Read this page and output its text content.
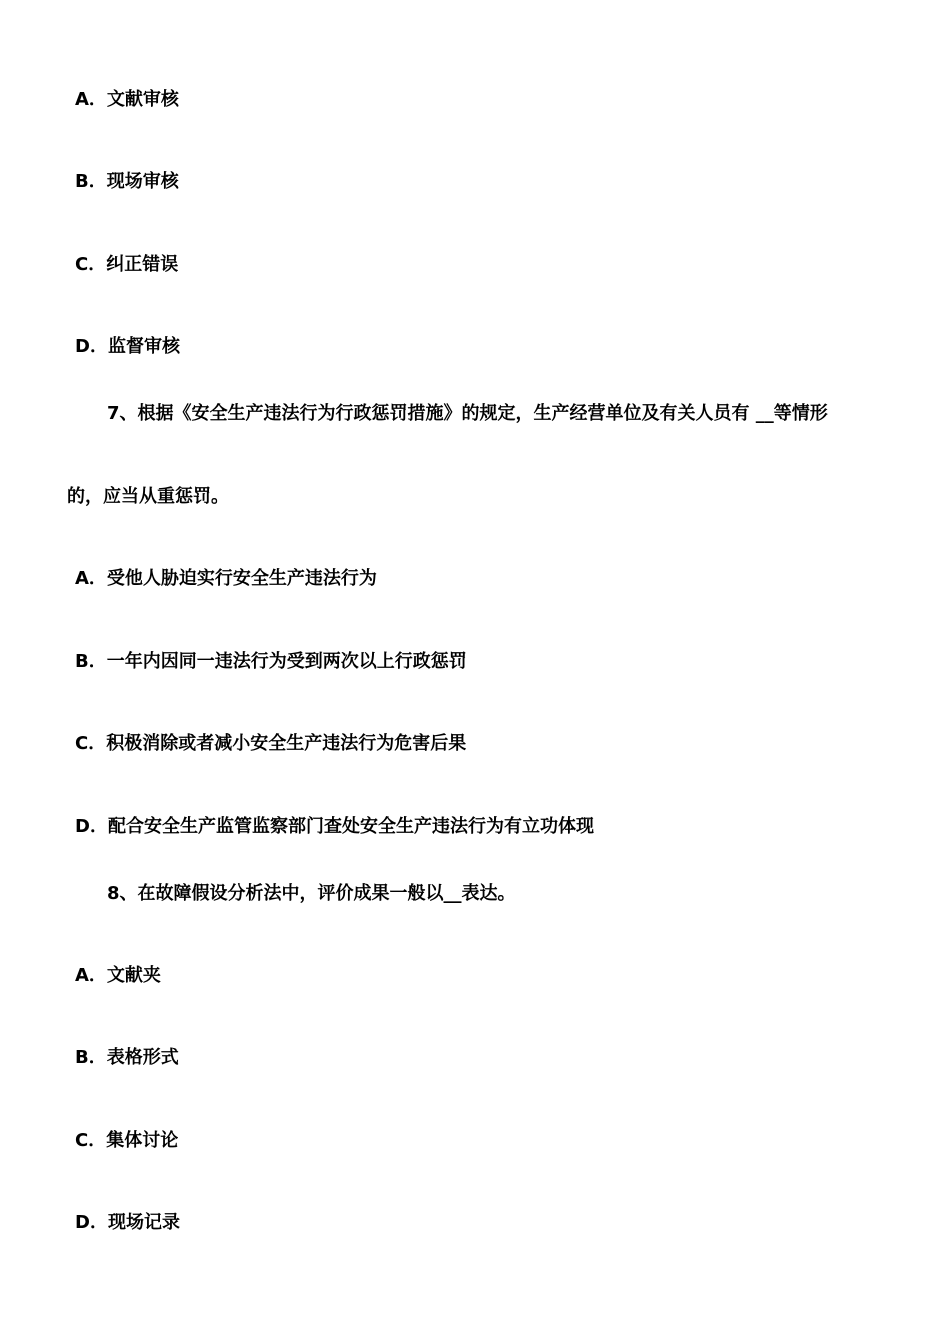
A．文献审核
B．现场审核
C．纠正错误
D．监督审核
7、根据《安全生产违法行为行政惩罚措施》的规定，生产经营单位及有关人员有 __等情形
的，应当从重惩罚。
A．受他人胁迫实行安全生产违法行为
B．一年内因同一违法行为受到两次以上行政惩罚
C．积极消除或者减小安全生产违法行为危害后果
D．配合安全生产监管监察部门查处安全生产违法行为有立功体现
8、在故障假设分析法中，评价成果一般以__表达。
A．文献夹
B．表格形式
C．集体讨论
D．现场记录
